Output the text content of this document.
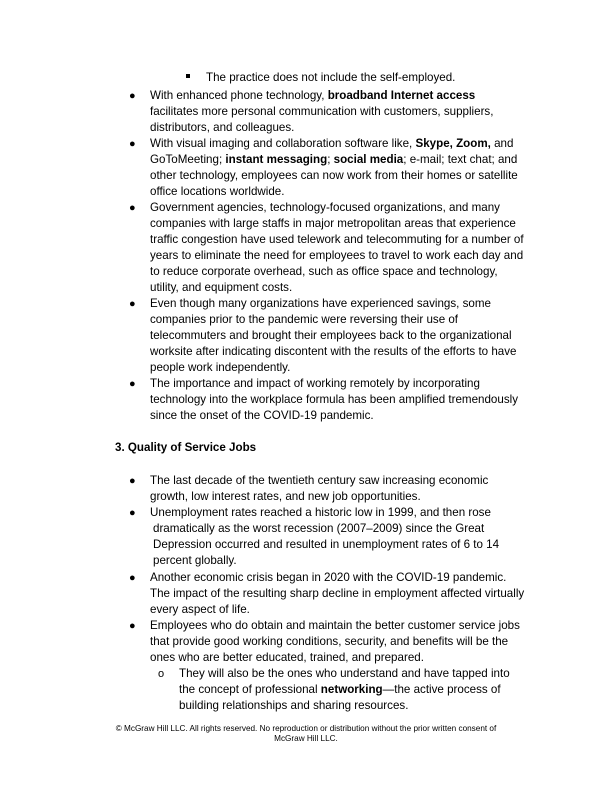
The practice does not include the self-employed.
● With enhanced phone technology, broadband Internet access
facilitates more personal communication with customers, suppliers,
distributors, and colleagues.
● With visual imaging and collaboration software like, Skype, Zoom, and
GoToMeeting; instant messaging; social media; e-mail; text chat; and
other technology, employees can now work from their homes or satellite
office locations worldwide.
● Government agencies, technology-focused organizations, and many
companies with large staffs in major metropolitan areas that experience
traffic congestion have used telework and telecommuting for a number of
years to eliminate the need for employees to travel to work each day and
to reduce corporate overhead, such as office space and technology,
utility, and equipment costs.
● Even though many organizations have experienced savings, some
companies prior to the pandemic were reversing their use of
telecommuters and brought their employees back to the organizational
worksite after indicating discontent with the results of the efforts to have
people work independently.
● The importance and impact of working remotely by incorporating
technology into the workplace formula has been amplified tremendously
since the onset of the COVID-19 pandemic.
3. Quality of Service Jobs
● The last decade of the twentieth century saw increasing economic
growth, low interest rates, and new job opportunities.
● Unemployment rates reached a historic low in 1999, and then rose
dramatically as the worst recession (2007–2009) since the Great
Depression occurred and resulted in unemployment rates of 6 to 14
percent globally.
● Another economic crisis began in 2020 with the COVID-19 pandemic.
The impact of the resulting sharp decline in employment affected virtually
every aspect of life.
● Employees who do obtain and maintain the better customer service jobs
that provide good working conditions, security, and benefits will be the
ones who are better educated, trained, and prepared.
o They will also be the ones who understand and have tapped into
the concept of professional networking—the active process of
building relationships and sharing resources.
© McGraw Hill LLC. All rights reserved. No reproduction or distribution without the prior written consent of
McGraw Hill LLC.
